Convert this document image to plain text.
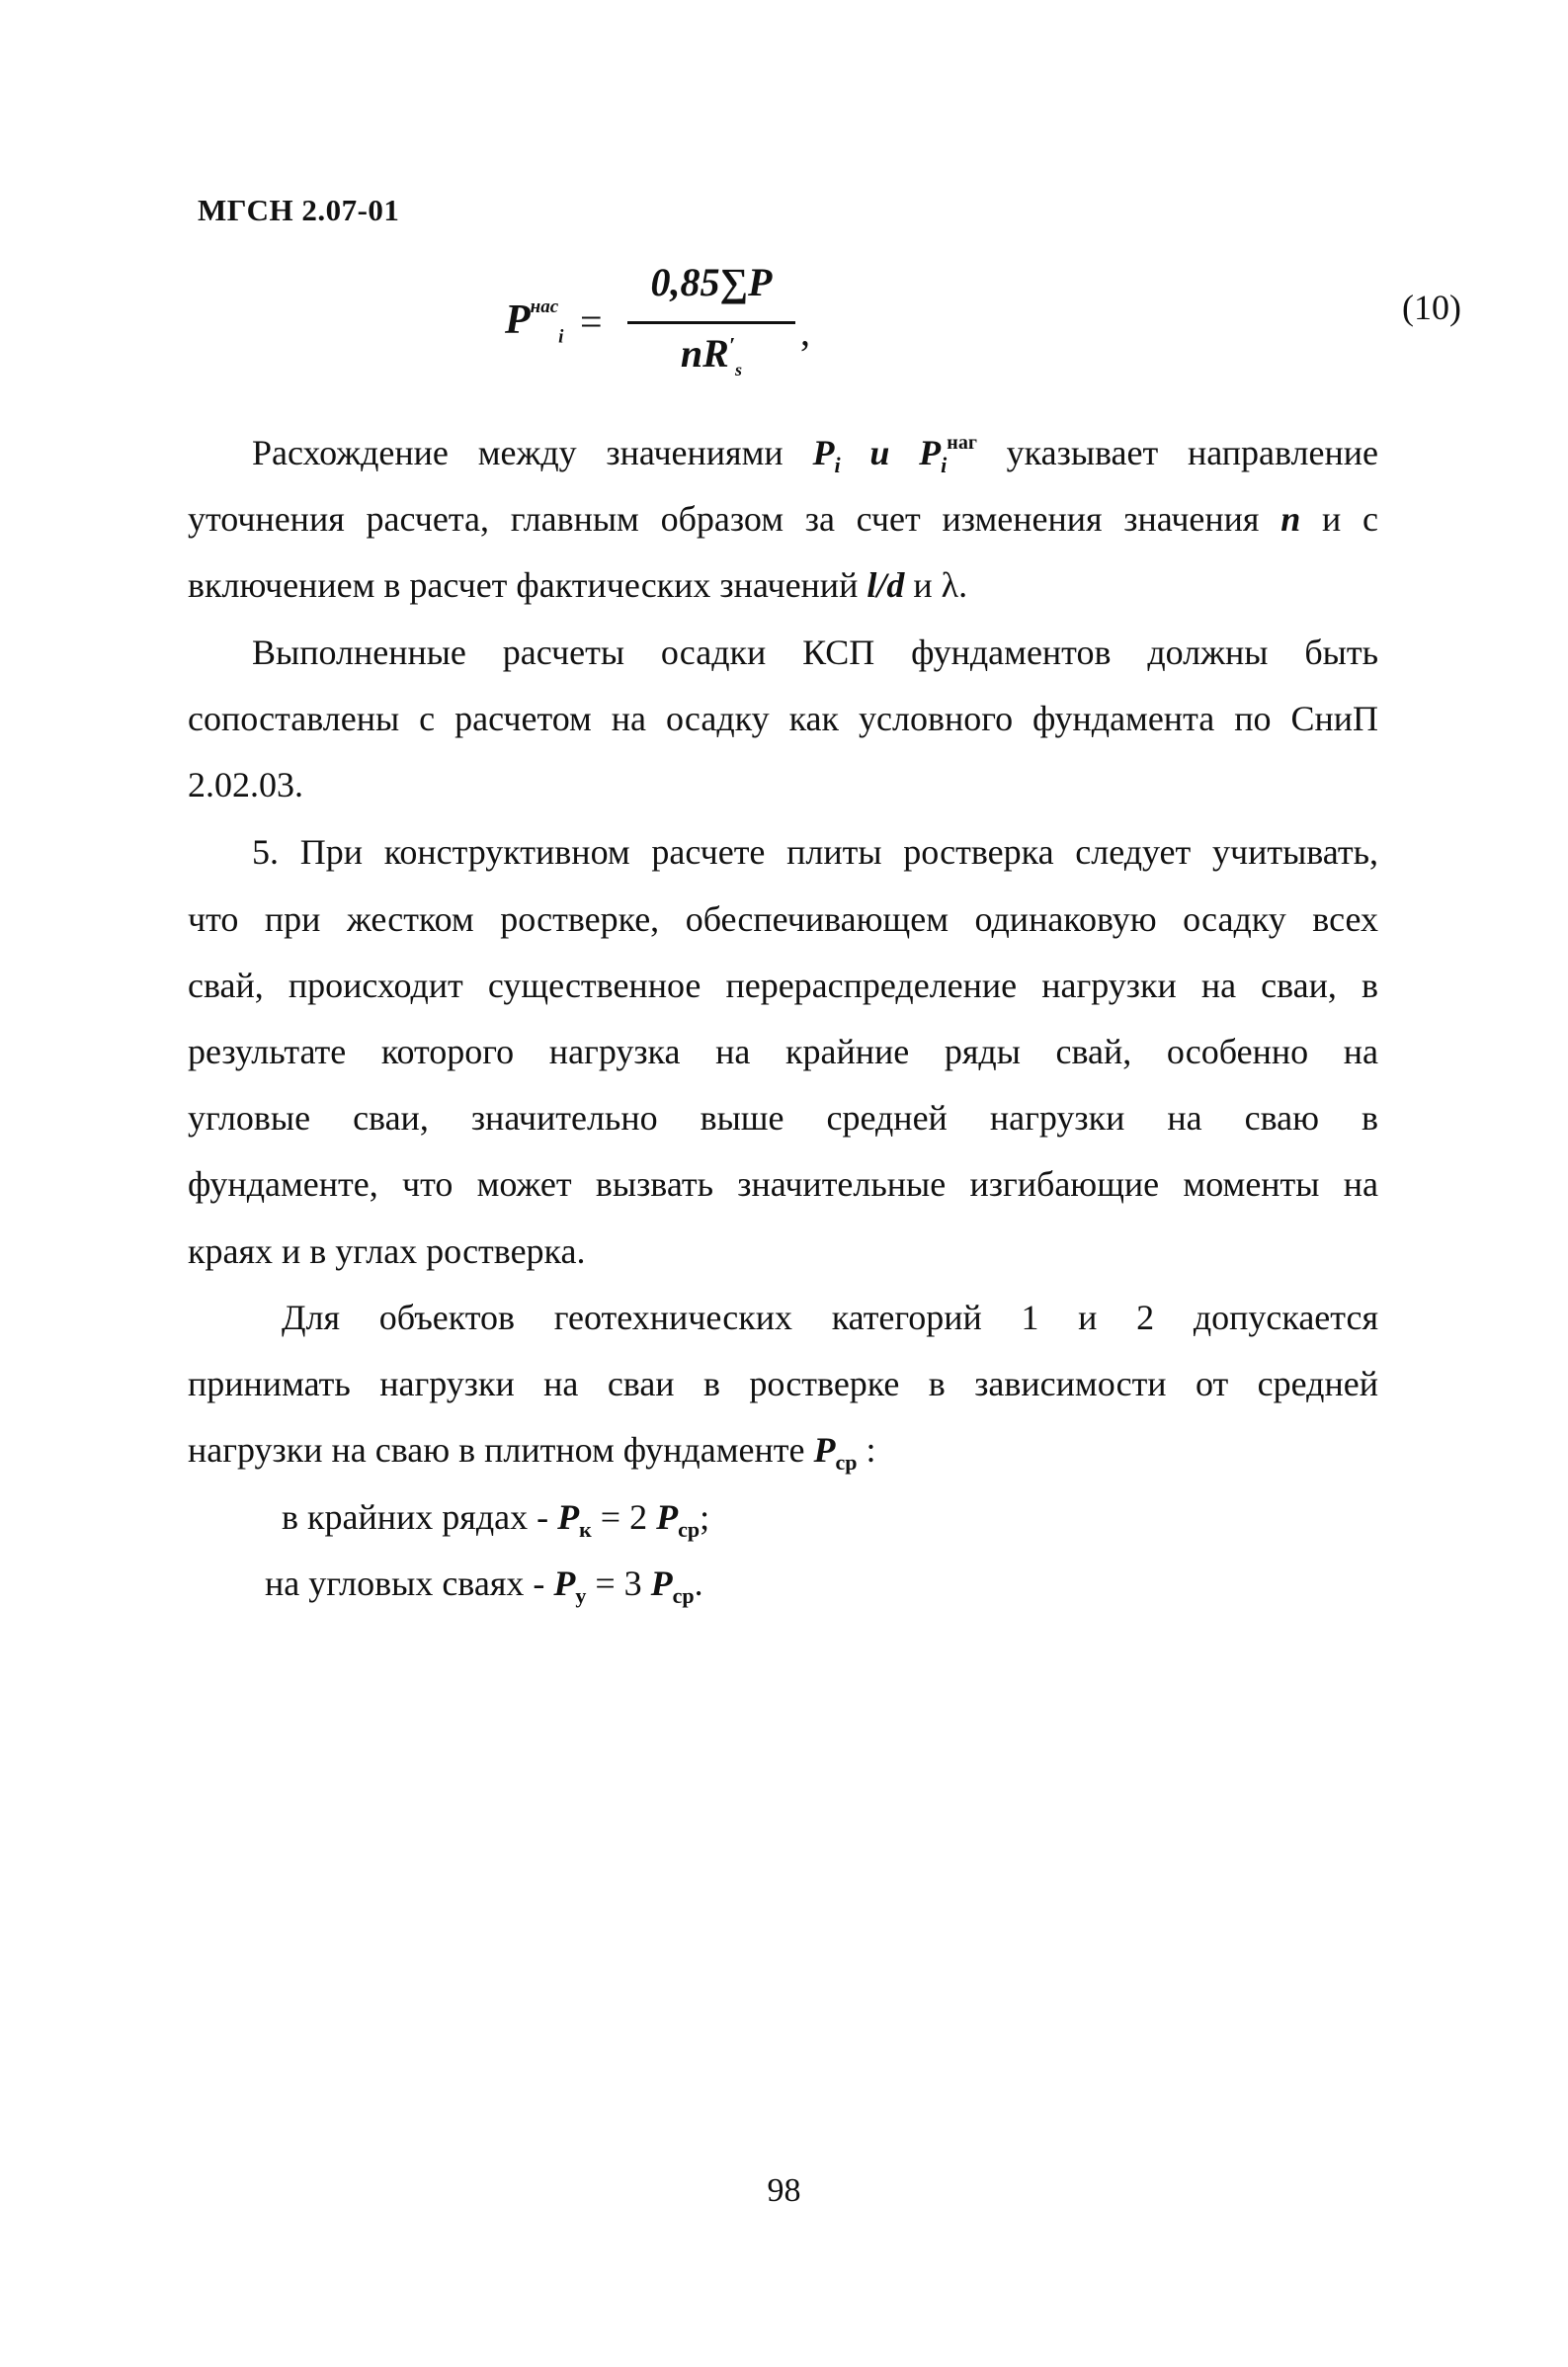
МГСН 2.07-01
$P^{нас}_i$ =
0,85∑P
$nR'_s$
,
(10)
Расхождение между значениями $P_i$ и $P_i^{наг}$ указывает направление
уточнения расчета, главным образом за счет изменения значения n и с
включением в расчет фактических значений l/d и λ.
Выполненные расчеты осадки КСП фундаментов должны быть
сопоставлены с расчетом на осадку как условного фундамента по СниП
2.02.03.
5. При конструктивном расчете плиты ростверка следует учитывать,
что при жестком ростверке, обеспечивающем одинаковую осадку всех
свай, происходит существенное перераспределение нагрузки на сваи, в
результате которого нагрузка на крайние ряды свай, особенно на
угловые сваи, значительно выше средней нагрузки на сваю в
фундаменте, что может вызвать значительные изгибающие моменты на
краях и в углах ростверка.
Для объектов геотехнических категорий 1 и 2 допускается
принимать нагрузки на сваи в ростверке в зависимости от средней
нагрузки на сваю в плитном фундаменте $P_{ср}$ :
в крайних рядах - $P_к = 2$ $P_{ср}$;
на угловых сваях - $P_у = 3$ $P_{ср}$.
98
